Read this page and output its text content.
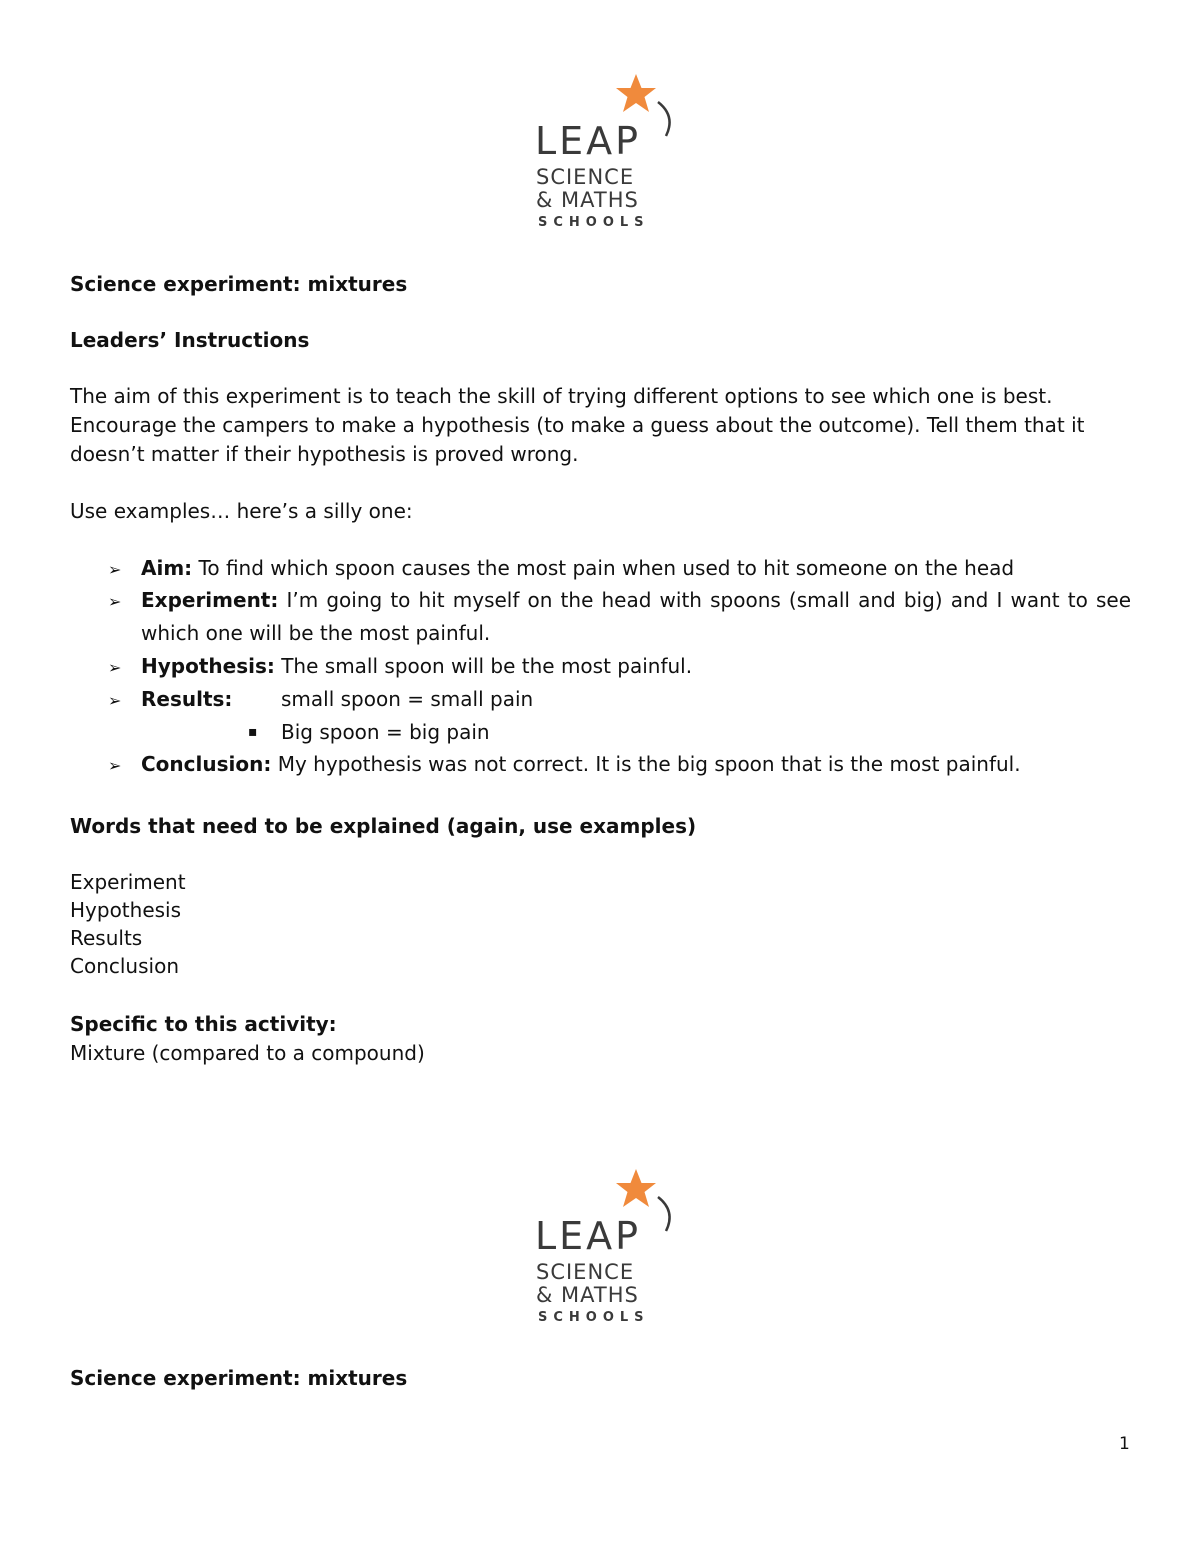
LEAP
SCIENCE
& MATHS
SCHOOLS
Science experiment: mixtures
Leaders’ Instructions
The aim of this experiment is to teach the skill of trying different options to see which one is best. Encourage the campers to make a hypothesis (to make a guess about the outcome). Tell them that it doesn’t matter if their hypothesis is proved wrong.
Use examples… here’s a silly one:
➢ Aim: To find which spoon causes the most pain when used to hit someone on the head
➢ Experiment: I’m going to hit myself on the head with spoons (small and big) and I want to see which one will be the most painful.
➢ Hypothesis: The small spoon will be the most painful.
➢ Results: small spoon = small pain
▪ Big spoon = big pain
➢ Conclusion: My hypothesis was not correct. It is the big spoon that is the most painful.
Words that need to be explained (again, use examples)
Experiment
Hypothesis
Results
Conclusion
Specific to this activity:
Mixture (compared to a compound)
LEAP
SCIENCE
& MATHS
SCHOOLS
Science experiment: mixtures
1
